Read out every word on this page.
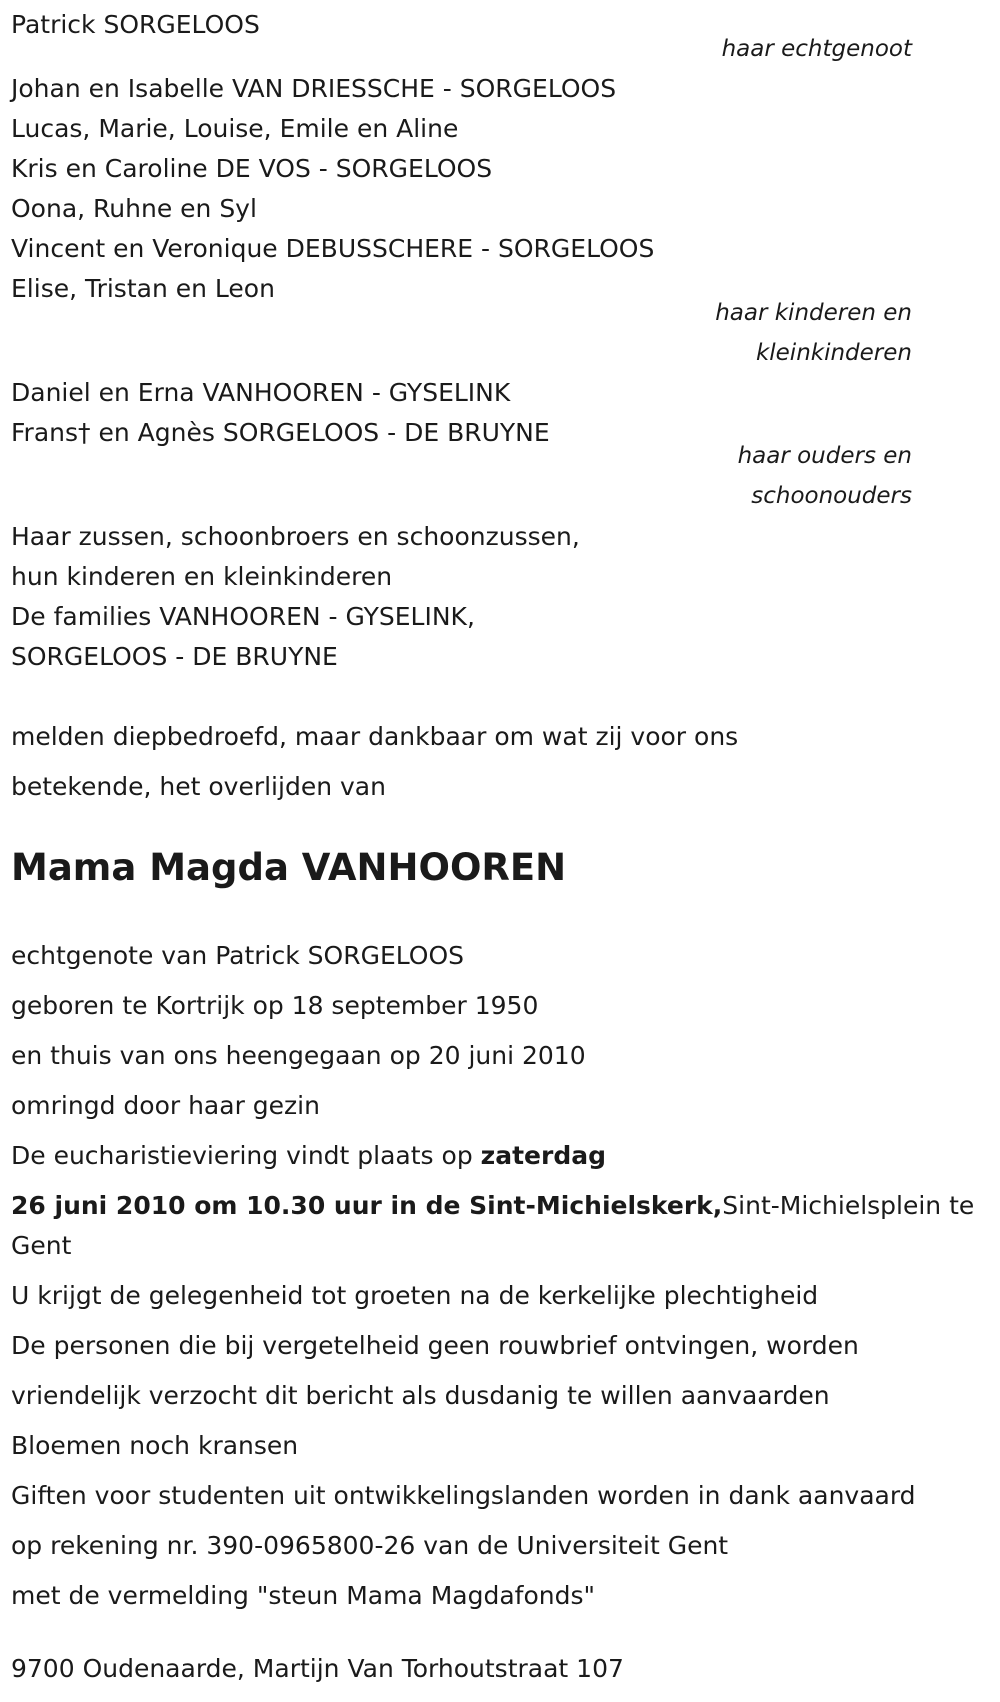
Patrick SORGELOOS
haar echtgenoot
Johan en Isabelle VAN DRIESSCHE - SORGELOOS
Lucas, Marie, Louise, Emile en Aline
Kris en Caroline DE VOS - SORGELOOS
Oona, Ruhne en Syl
Vincent en Veronique DEBUSSCHERE - SORGELOOS
Elise, Tristan en Leon
haar kinderen en
kleinkinderen
Daniel en Erna VANHOOREN - GYSELINK
Frans† en Agnès SORGELOOS - DE BRUYNE
haar ouders en
schoonouders
Haar zussen, schoonbroers en schoonzussen,
hun kinderen en kleinkinderen
De families VANHOOREN - GYSELINK,
SORGELOOS - DE BRUYNE
melden diepbedroefd, maar dankbaar om wat zij voor ons
betekende, het overlijden van
Mama Magda VANHOOREN
echtgenote van Patrick SORGELOOS
geboren te Kortrijk op 18 september 1950
en thuis van ons heengegaan op 20 juni 2010
omringd door haar gezin
De eucharistieviering vindt plaats op zaterdag
26 juni 2010 om 10.30 uur in de Sint-Michielskerk,Sint-Michielsplein te
Gent
U krijgt de gelegenheid tot groeten na de kerkelijke plechtigheid
De personen die bij vergetelheid geen rouwbrief ontvingen, worden
vriendelijk verzocht dit bericht als dusdanig te willen aanvaarden
Bloemen noch kransen
Giften voor studenten uit ontwikkelingslanden worden in dank aanvaard
op rekening nr. 390-0965800-26 van de Universiteit Gent
met de vermelding "steun Mama Magdafonds"
9700 Oudenaarde, Martijn Van Torhoutstraat 107
